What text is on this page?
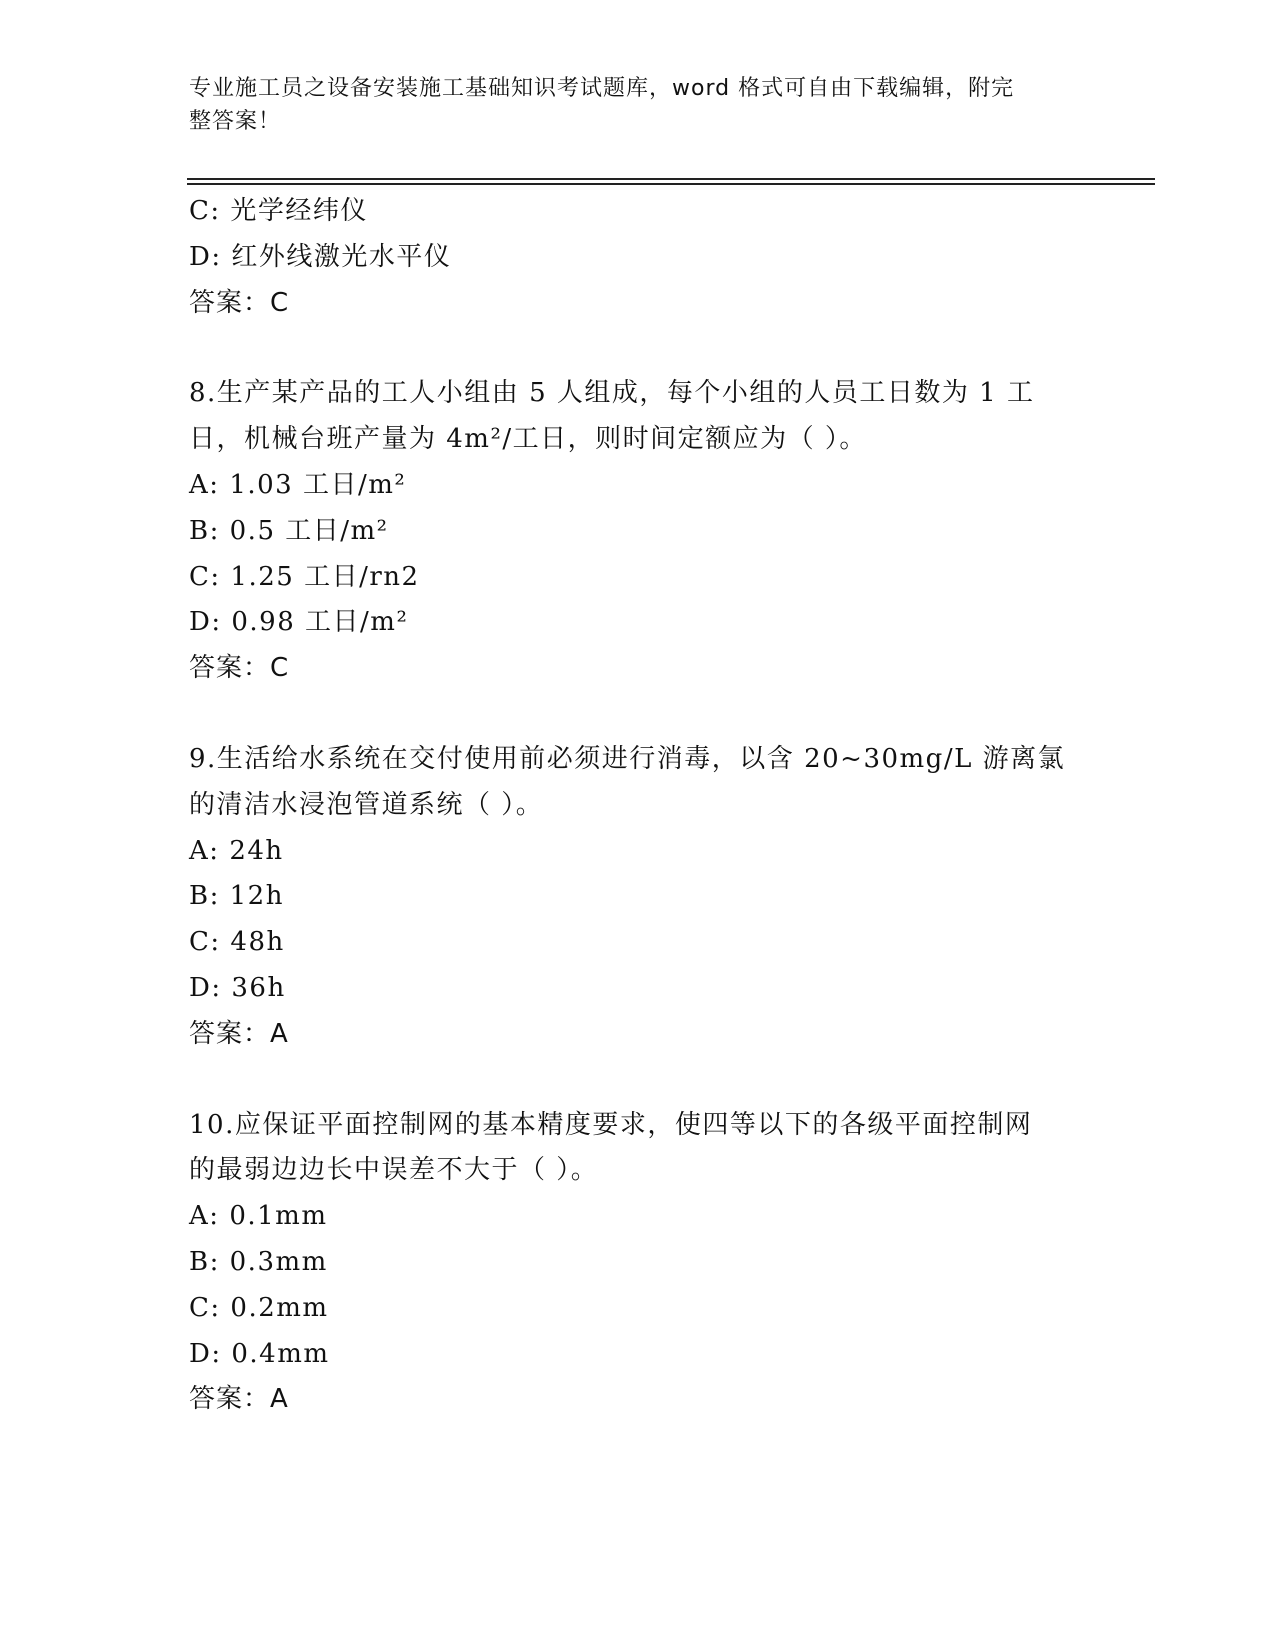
专业施工员之设备安装施工基础知识考试题库，word 格式可自由下载编辑，附完
整答案！
C: 光学经纬仪
D: 红外线激光水平仪
答案：C
8.生产某产品的工人小组由 5 人组成，每个小组的人员工日数为 1 工
日，机械台班产量为 4m²/工日，则时间定额应为（ ）。
A: 1.03 工日/m²
B: 0.5 工日/m²
C: 1.25 工日/rn2
D: 0.98 工日/m²
答案：C
9.生活给水系统在交付使用前必须进行消毒，以含 20~30mg/L 游离氯
的清洁水浸泡管道系统（ ）。
A: 24h
B: 12h
C: 48h
D: 36h
答案：A
10.应保证平面控制网的基本精度要求，使四等以下的各级平面控制网
的最弱边边长中误差不大于（ ）。
A: 0.1mm
B: 0.3mm
C: 0.2mm
D: 0.4mm
答案：A
